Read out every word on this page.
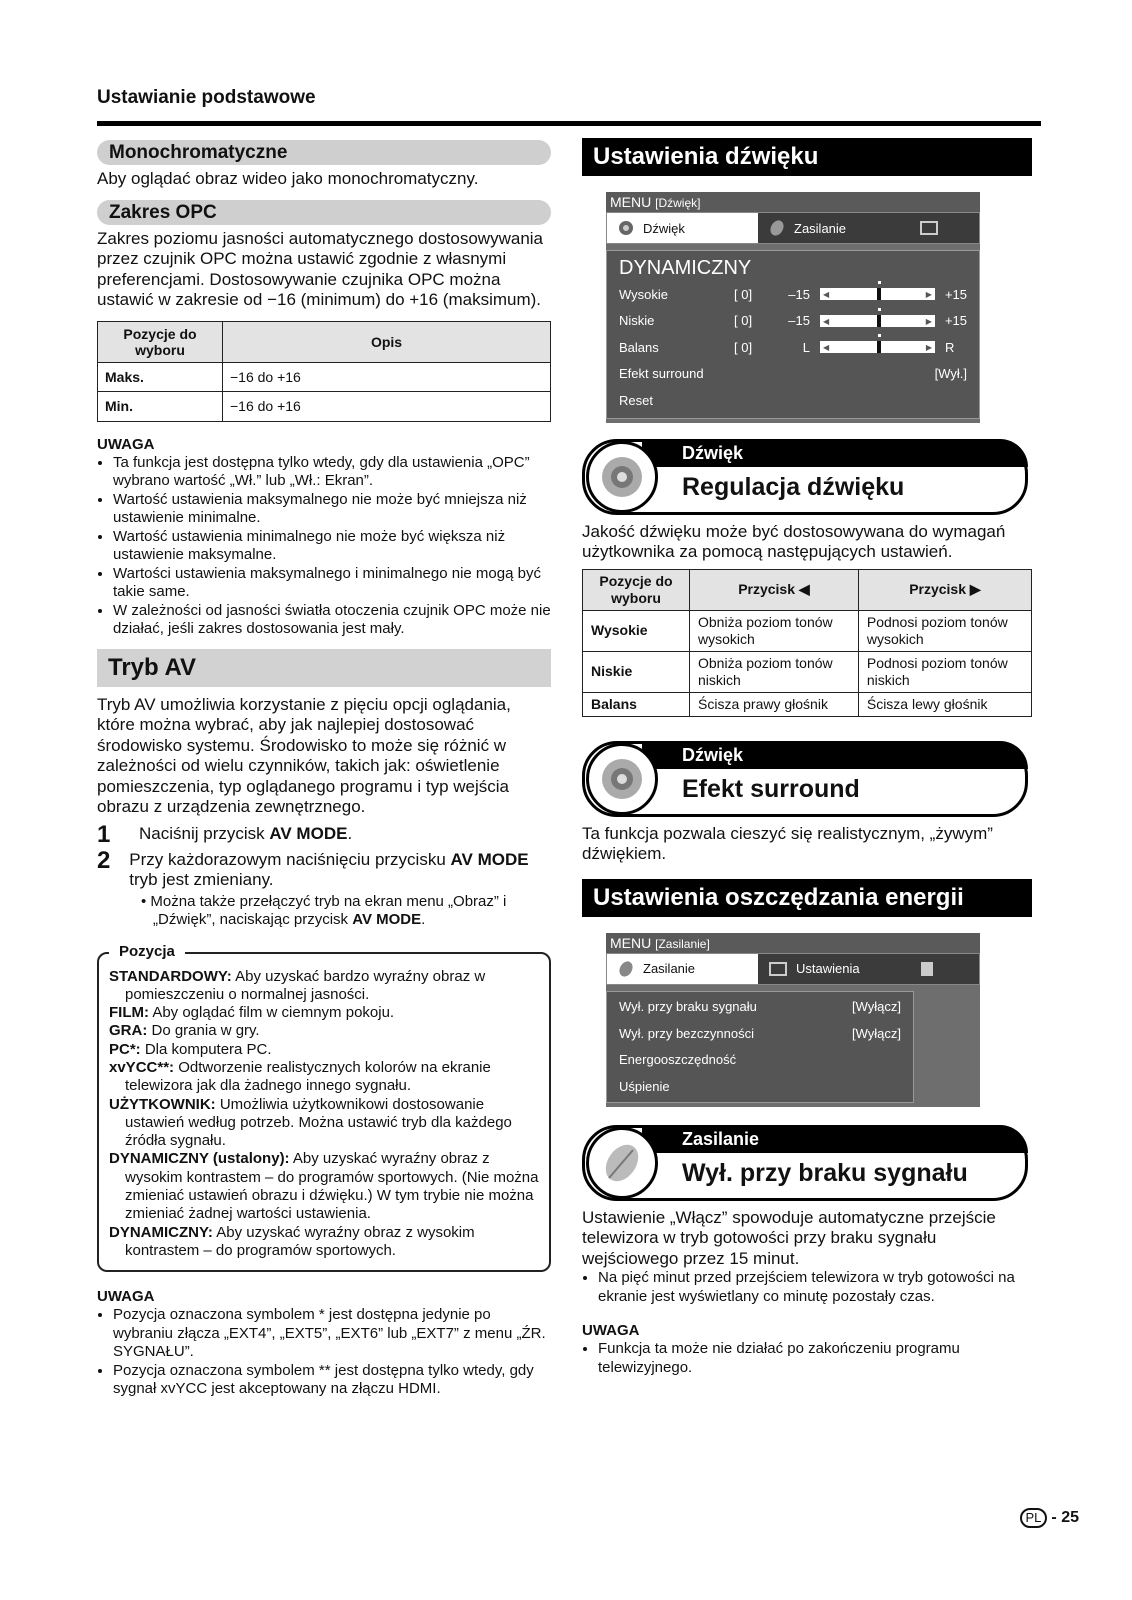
Ustawianie podstawowe
Monochromatyczne

Aby oglądać obraz wideo jako monochromatyczny.

Zakres OPC

Zakres poziomu jasności automatycznego dostosowywania przez czujnik OPC można ustawić zgodnie z własnymi preferencjami. Dostosowywanie czujnika OPC można ustawić w zakresie od −16 (minimum) do +16 (maksimum).

Pozycje do wyboru	Opis
Maks.	−16 do +16
Min.	−16 do +16
UWAGA
• Ta funkcja jest dostępna tylko wtedy, gdy dla ustawienia „OPC” wybrano wartość „Wł.” lub „Wł.: Ekran”.
• Wartość ustawienia maksymalnego nie może być mniejsza niż ustawienie minimalne.
• Wartość ustawienia minimalnego nie może być większa niż ustawienie maksymalne.
• Wartości ustawienia maksymalnego i minimalnego nie mogą być takie same.
• W zależności od jasności światła otoczenia czujnik OPC może nie działać, jeśli zakres dostosowania jest mały.
Tryb AV

Tryb AV umożliwia korzystanie z pięciu opcji oglądania, które można wybrać, aby jak najlepiej dostosować środowisko systemu. Środowisko to może się różnić w zależności od wielu czynników, takich jak: oświetlenie pomieszczenia, typ oglądanego programu i typ wejścia obrazu z urządzenia zewnętrznego.

1	Naciśnij przycisk AV MODE.
2	Przy każdorazowym naciśnięciu przycisku AV MODE tryb jest zmieniany.
• Można także przełączyć tryb na ekran menu „Obraz” i „Dźwięk”, naciskając przycisk AV MODE.
Pozycja
STANDARDOWY: Aby uzyskać bardzo wyraźny obraz w pomieszczeniu o normalnej jasności.
FILM: Aby oglądać film w ciemnym pokoju.
GRA: Do grania w gry.
PC*: Dla komputera PC.
xvYCC**: Odtworzenie realistycznych kolorów na ekranie telewizora jak dla żadnego innego sygnału.
UŻYTKOWNIK: Umożliwia użytkownikowi dostosowanie ustawień według potrzeb. Można ustawić tryb dla każdego źródła sygnału.
DYNAMICZNY (ustalony): Aby uzyskać wyraźny obraz z wysokim kontrastem – do programów sportowych. (Nie można zmieniać ustawień obrazu i dźwięku.) W tym trybie nie można zmieniać żadnej wartości ustawienia.
DYNAMICZNY: Aby uzyskać wyraźny obraz z wysokim kontrastem – do programów sportowych.
UWAGA
• Pozycja oznaczona symbolem * jest dostępna jedynie po wybraniu złącza „EXT4”, „EXT5”, „EXT6” lub „EXT7” z menu „ŹR. SYGNAŁU”.
• Pozycja oznaczona symbolem ** jest dostępna tylko wtedy, gdy sygnał xvYCC jest akceptowany na złączu HDMI.
Ustawienia dźwięku
MENU [Dźwięk]
Dźwięk	Zasilanie
DYNAMICZNY
Wysokie	[ 0]	–15 ◀	▶ +15
Niskie	[ 0]	–15 ◀	▶ +15
Balans	[ 0]	L ◀	▶ R
Efekt surround	[Wył.]
Reset
Dźwięk
Regulacja dźwięku

Jakość dźwięku może być dostosowywana do wymagań użytkownika za pomocą następujących ustawień.

Pozycje do wyboru	Przycisk ◀	Przycisk ▶
Wysokie	Obniża poziom tonów wysokich	Podnosi poziom tonów wysokich
Niskie	Obniża poziom tonów niskich	Podnosi poziom tonów niskich
Balans	Ścisza prawy głośnik	Ścisza lewy głośnik
Dźwięk
Efekt surround

Ta funkcja pozwala cieszyć się realistycznym, „żywym” dźwiękiem.

Ustawienia oszczędzania energii
MENU [Zasilanie]
Zasilanie	Ustawienia
Wył. przy braku sygnału	[Wyłącz]
Wył. przy bezczynności	[Wyłącz]
Energooszczędność
Uśpienie
Zasilanie
Wył. przy braku sygnału

Ustawienie „Włącz” spowoduje automatyczne przejście telewizora w tryb gotowości przy braku sygnału wejściowego przez 15 minut.

• Na pięć minut przed przejściem telewizora w tryb gotowości na ekranie jest wyświetlany co minutę pozostały czas.
UWAGA
• Funkcja ta może nie działać po zakończeniu programu telewizyjnego.
PL - 25
